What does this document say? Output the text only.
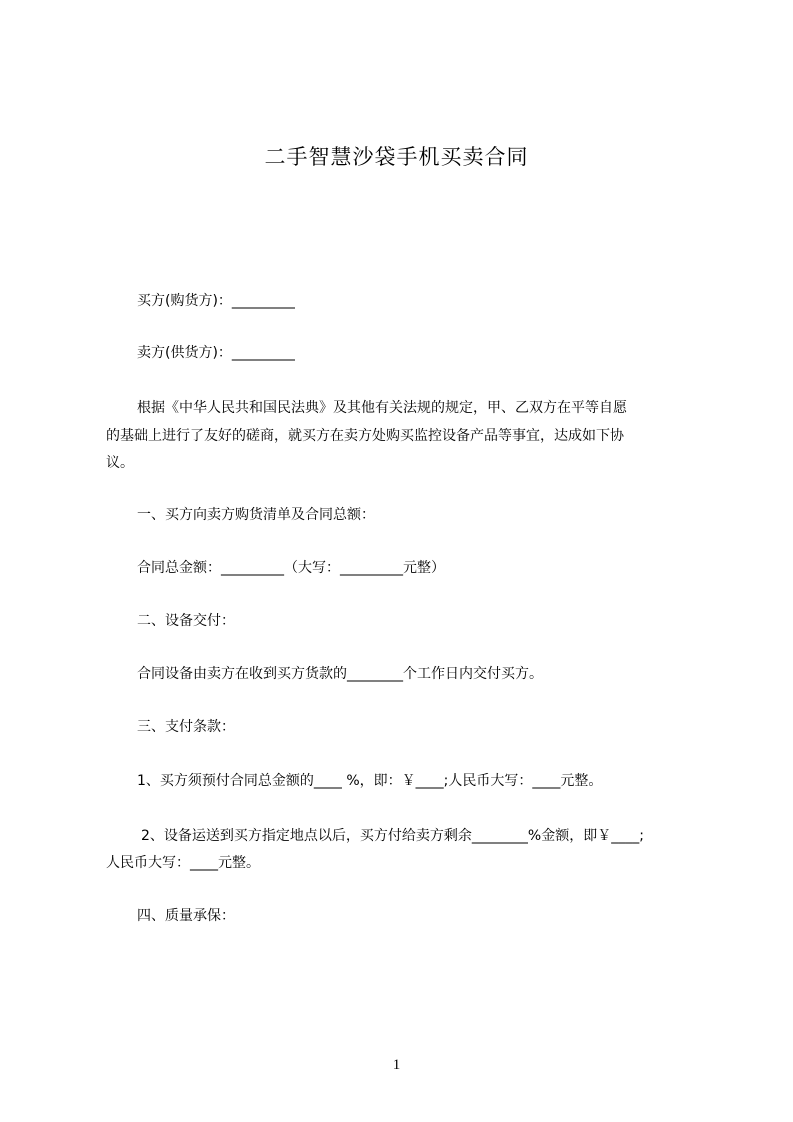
二手智慧沙袋手机买卖合同
买方(购货方)：_________
卖方(供货方)：_________
根据《中华人民共和国民法典》及其他有关法规的规定，甲、乙双方在平等自愿
的基础上进行了友好的磋商，就买方在卖方处购买监控设备产品等事宜，达成如下协
议。
一、买方向卖方购货清单及合同总额：
合同总金额：_________（大写：_________元整）
二、设备交付：
合同设备由卖方在收到买方货款的________个工作日内交付买方。
三、支付条款：
1、买方须预付合同总金额的____ %，即：￥____;人民币大写：____元整。
2、设备运送到买方指定地点以后，买方付给卖方剩余________%金额，即￥____;
人民币大写：____元整。
四、质量承保：
1
